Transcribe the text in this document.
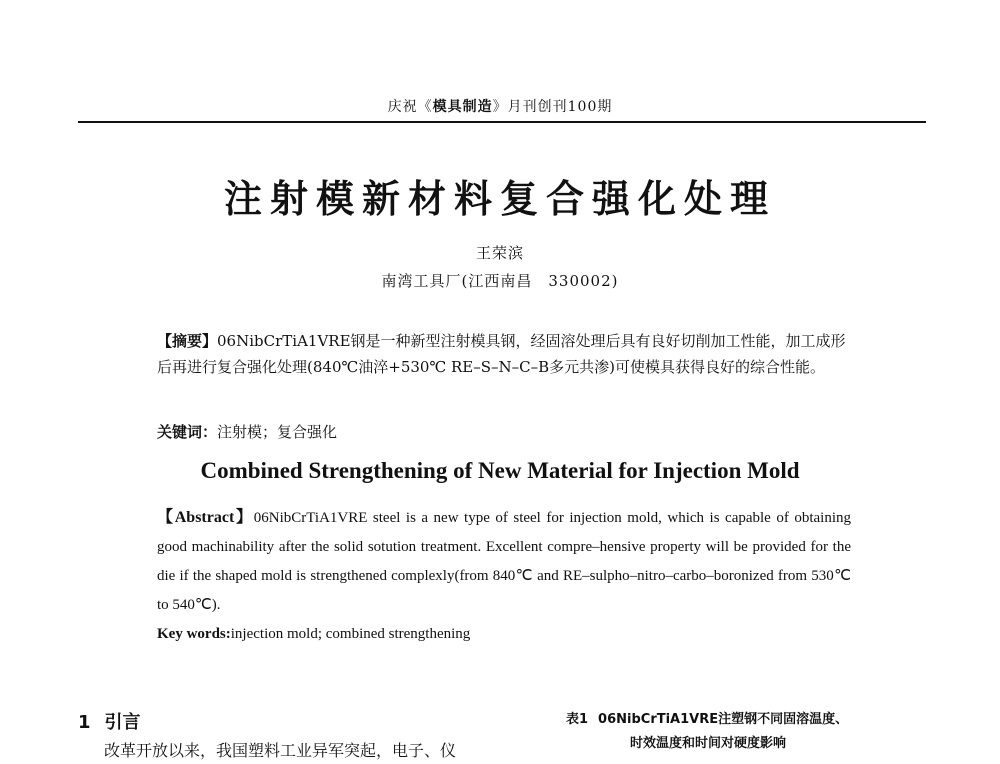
庆祝《模具制造》月刊创刊100期
注射模新材料复合强化处理
王荣滨
南湾工具厂(江西南昌　330002)
【摘要】06NibCrTiA1VRE钢是一种新型注射模具钢，经固溶处理后具有良好切削加工性能，加工成形后再进行复合强化处理(840℃油淬+530℃ RE–S–N–C–B多元共渗)可使模具获得良好的综合性能。
关键词：注射模；复合强化
Combined Strengthening of New Material for Injection Mold
【Abstract】06NibCrTiA1VRE steel is a new type of steel for injection mold, which is capable of obtaining good machinability after the solid sotution treatment. Excellent compre–hensive property will be provided for the die if the shaped mold is strengthened complexly(from 840℃ and RE–sulpho–nitro–carbo–boronized from 530℃ to 540℃).
Key words:injection mold; combined strengthening
1 引言
改革开放以来，我国塑料工业异军突起，电子、仪
表1 06NibCrTiA1VRE注塑钢不同固溶温度、
时效温度和时间对硬度影响
